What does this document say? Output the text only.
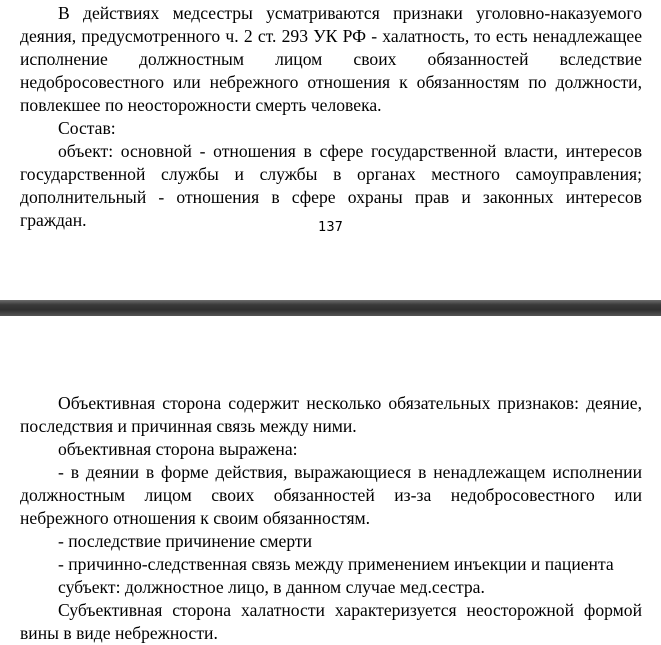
В действиях медсестры усматриваются признаки уголовно-наказуемого деяния, предусмотренного ч. 2 ст. 293 УК РФ - халатность, то есть ненадлежащее исполнение должностным лицом своих обязанностей вследствие недобросовестного или небрежного отношения к обязанностям по должности, повлекшее по неосторожности смерть человека.

Состав:

объект: основной - отношения в сфере государственной власти, интересов государственной службы и службы в органах местного самоуправления; дополнительный - отношения в сфере охраны прав и законных интересов граждан.	137

Объективная сторона содержит несколько обязательных признаков: деяние, последствия и причинная связь между ними.

объективная сторона выражена:

- в деянии в форме действия, выражающиеся в ненадлежащем исполнении должностным лицом своих обязанностей из-за недобросовестного или небрежного отношения к своим обязанностям.

- последствие причинение смерти

- причинно-следственная связь между применением инъекции и пациента

субъект: должностное лицо, в данном случае мед.сестра.

Субъективная сторона халатности характеризуется неосторожной формой вины в виде небрежности.
